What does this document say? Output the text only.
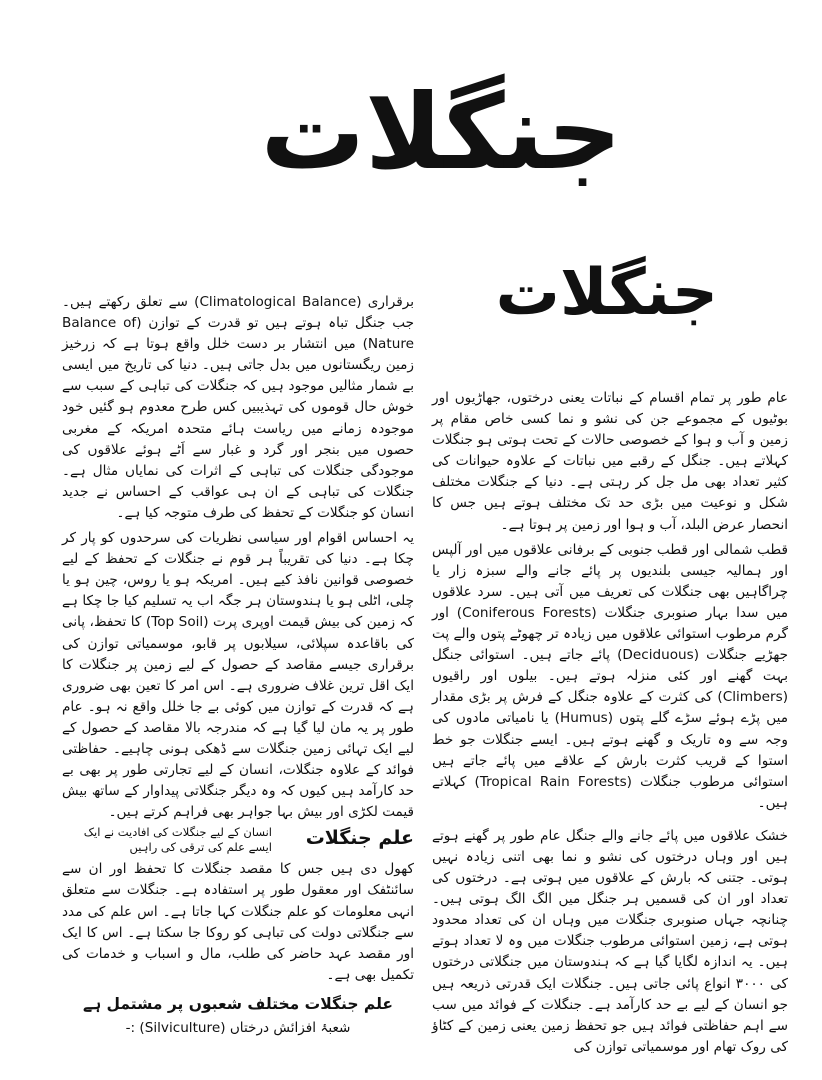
جنگلات
جنگلات

برقراری (Climatological Balance) سے تعلق رکھتے ہیں۔ جب جنگل تباہ ہوتے ہیں تو قدرت کے توازن (Balance of Nature) میں انتشار بر دست خلل واقع ہوتا ہے کہ زرخیز زمین ریگستانوں میں بدل جاتی ہیں۔ دنیا کی تاریخ میں ایسی بے شمار مثالیں موجود ہیں کہ جنگلات کی تباہی کے سبب سے خوش حال قوموں کی تہذیبیں کس طرح معدوم ہو گئیں خود موجودہ زمانے میں ریاست ہائے متحدہ امریکہ کے مغربی حصوں میں بنجر اور گرد و غبار سے اَٹے ہوئے علاقوں کی موجودگی جنگلات کی تباہی کے اثرات کی نمایاں مثال ہے۔ جنگلات کی تباہی کے ان ہی عواقب کے احساس نے جدید انسان کو جنگلات کے تحفظ کی طرف متوجہ کیا ہے۔

یہ احساس اقوام اور سیاسی نظریات کی سرحدوں کو پار کر چکا ہے۔ دنیا کی تقریباً ہر قوم نے جنگلات کے تحفظ کے لیے خصوصی قوانین نافذ کیے ہیں۔ امریکہ ہو یا روس، چین ہو یا چلی، اٹلی ہو یا ہندوستان ہر جگہ اب یہ تسلیم کیا جا چکا ہے کہ زمین کی بیش قیمت اوپری پرت (Top Soil) کا تحفظ، پانی کی باقاعدہ سپلائی، سیلابوں پر قابو، موسمیاتی توازن کی برقراری جیسے مقاصد کے حصول کے لیے زمین پر جنگلات کا ایک اقل ترین غلاف ضروری ہے۔ اس امر کا تعین بھی ضروری ہے کہ قدرت کے توازن میں کوئی بے جا خلل واقع نہ ہو۔ عام طور پر یہ مان لیا گیا ہے کہ مندرجہ بالا مقاصد کے حصول کے لیے ایک تہائی زمین جنگلات سے ڈھکی ہونی چاہیے۔ حفاظتی فوائد کے علاوہ جنگلات، انسان کے لیے تجارتی طور پر بھی بے حد کارآمد ہیں کیوں کہ وہ دیگر جنگلاتی پیداوار کے ساتھ بیش قیمت لکڑی اور بیش بہا جواہر بھی فراہم کرتے ہیں۔

علم جنگلات
انسان کے لیے جنگلات کی افادیت نے ایک ایسے علم کی ترقی کی راہیں

کھول دی ہیں جس کا مقصد جنگلات کا تحفظ اور ان سے سائنٹفک اور معقول طور پر استفادہ ہے۔ جنگلات سے متعلق انہی معلومات کو علم جنگلات کہا جاتا ہے۔ اس علم کی مدد سے جنگلاتی دولت کی تباہی کو روکا جا سکتا ہے۔ اس کا ایک اور مقصد عہد حاضر کی طلب، مال و اسباب و خدمات کی تکمیل بھی ہے۔

علم جنگلات مختلف شعبوں پر مشتمل ہے
شعبۂ افزائش درختاں (Silviculture) :-

عام طور پر تمام اقسام کے نباتات یعنی درختوں، جھاڑیوں اور بوٹیوں کے مجموعے جن کی نشو و نما کسی خاص مقام پر زمین و آب و ہوا کے خصوصی حالات کے تحت ہوتی ہو جنگلات کہلاتے ہیں۔ جنگل کے رقبے میں نباتات کے علاوہ حیوانات کی کثیر تعداد بھی مل جل کر رہتی ہے۔ دنیا کے جنگلات مختلف شکل و نوعیت میں بڑی حد تک مختلف ہوتے ہیں جس کا انحصار عرض البلد، آب و ہوا اور زمین پر ہوتا ہے۔

قطب شمالی اور قطب جنوبی کے برفانی علاقوں میں اور آلپس اور ہمالیہ جیسی بلندیوں پر پائے جانے والے سبزہ زار یا چراگاہیں بھی جنگلات کی تعریف میں آتی ہیں۔ سرد علاقوں میں سدا بہار صنوبری جنگلات (Coniferous Forests) اور گرم مرطوب استوائی علاقوں میں زیادہ تر چھوٹے پتوں والے پت جھڑیے جنگلات (Deciduous) پائے جاتے ہیں۔ استوائی جنگل بہت گھنے اور کئی منزلہ ہوتے ہیں۔ بیلوں اور راقیوں (Climbers) کی کثرت کے علاوہ جنگل کے فرش پر بڑی مقدار میں پڑے ہوئے سڑے گلے پتوں (Humus) یا نامیاتی مادوں کی وجہ سے وہ تاریک و گھنے ہوتے ہیں۔ ایسے جنگلات جو خط استوا کے قریب کثرت بارش کے علاقے میں پائے جاتے ہیں استوائی مرطوب جنگلات (Tropical Rain Forests) کہلاتے ہیں۔

خشک علاقوں میں پائے جانے والے جنگل عام طور پر گھنے ہوتے ہیں اور وہاں درختوں کی نشو و نما بھی اتنی زیادہ نہیں ہوتی۔ جتنی کہ بارش کے علاقوں میں ہوتی ہے۔ درختوں کی تعداد اور ان کی قسمیں ہر جنگل میں الگ الگ ہوتی ہیں۔ چنانچہ جہاں صنوبری جنگلات میں وہاں ان کی تعداد محدود ہوتی ہے، زمین استوائی مرطوب جنگلات میں وہ لا تعداد ہوتے ہیں۔ یہ اندازہ لگایا گیا ہے کہ ہندوستان میں جنگلاتی درختوں کی ۳۰۰۰ انواع پائی جاتی ہیں۔ جنگلات ایک قدرتی ذریعہ ہیں جو انسان کے لیے بے حد کارآمد ہے۔ جنگلات کے فوائد میں سب سے اہم حفاظتی فوائد ہیں جو تحفظ زمین یعنی زمین کے کٹاؤ کی روک تھام اور موسمیاتی توازن کی
